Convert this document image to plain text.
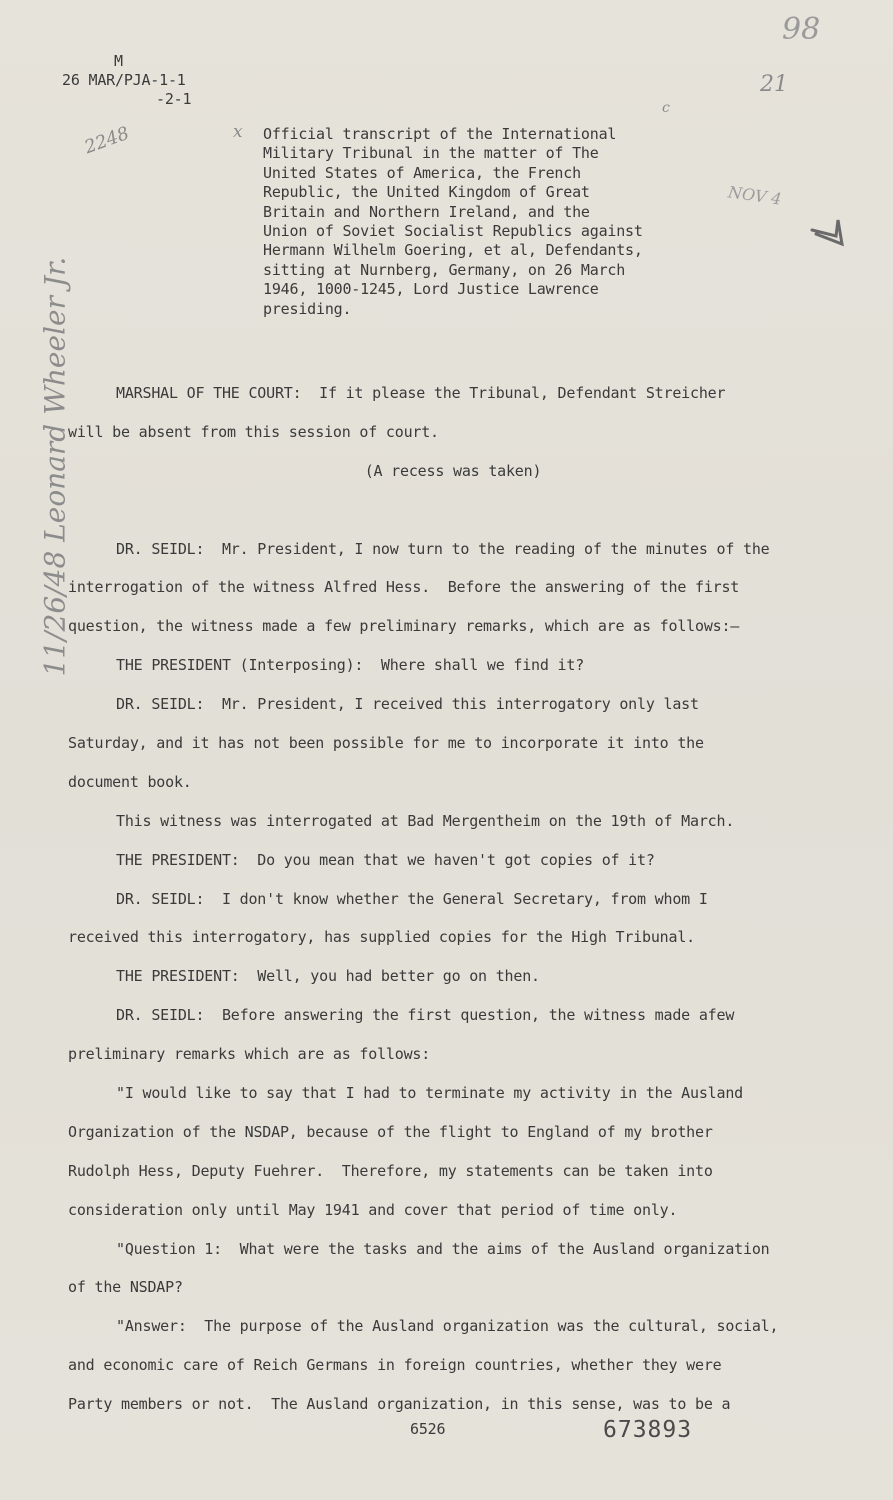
M
26 MAR/PJA-1-1
-2-1
98
21
NOV 4
2248	x
c
11/26/48 Leonard Wheeler Jr.
Official transcript of the International
Military Tribunal in the matter of The
United States of America, the French
Republic, the United Kingdom of Great
Britain and Northern Ireland, and the
Union of Soviet Socialist Republics against
Hermann Wilhelm Goering, et al, Defendants,
sitting at Nurnberg, Germany, on 26 March
1946, 1000-1245, Lord Justice Lawrence
presiding.
MARSHAL OF THE COURT:  If it please the Tribunal, Defendant Streicher
will be absent from this session of court.
(A recess was taken)
DR. SEIDL:  Mr. President, I now turn to the reading of the minutes of the
interrogation of the witness Alfred Hess.  Before the answering of the first
question, the witness made a few preliminary remarks, which are as follows:—
THE PRESIDENT (Interposing):  Where shall we find it?
DR. SEIDL:  Mr. President, I received this interrogatory only last
Saturday, and it has not been possible for me to incorporate it into the
document book.
This witness was interrogated at Bad Mergentheim on the 19th of March.
THE PRESIDENT:  Do you mean that we haven't got copies of it?
DR. SEIDL:  I don't know whether the General Secretary, from whom I
received this interrogatory, has supplied copies for the High Tribunal.
THE PRESIDENT:  Well, you had better go on then.
DR. SEIDL:  Before answering the first question, the witness made afew
preliminary remarks which are as follows:
"I would like to say that I had to terminate my activity in the Ausland
Organization of the NSDAP, because of the flight to England of my brother
Rudolph Hess, Deputy Fuehrer.  Therefore, my statements can be taken into
consideration only until May 1941 and cover that period of time only.
"Question 1:  What were the tasks and the aims of the Ausland organization
of the NSDAP?
"Answer:  The purpose of the Ausland organization was the cultural, social,
and economic care of Reich Germans in foreign countries, whether they were
Party members or not.  The Ausland organization, in this sense, was to be a
6526	673893
